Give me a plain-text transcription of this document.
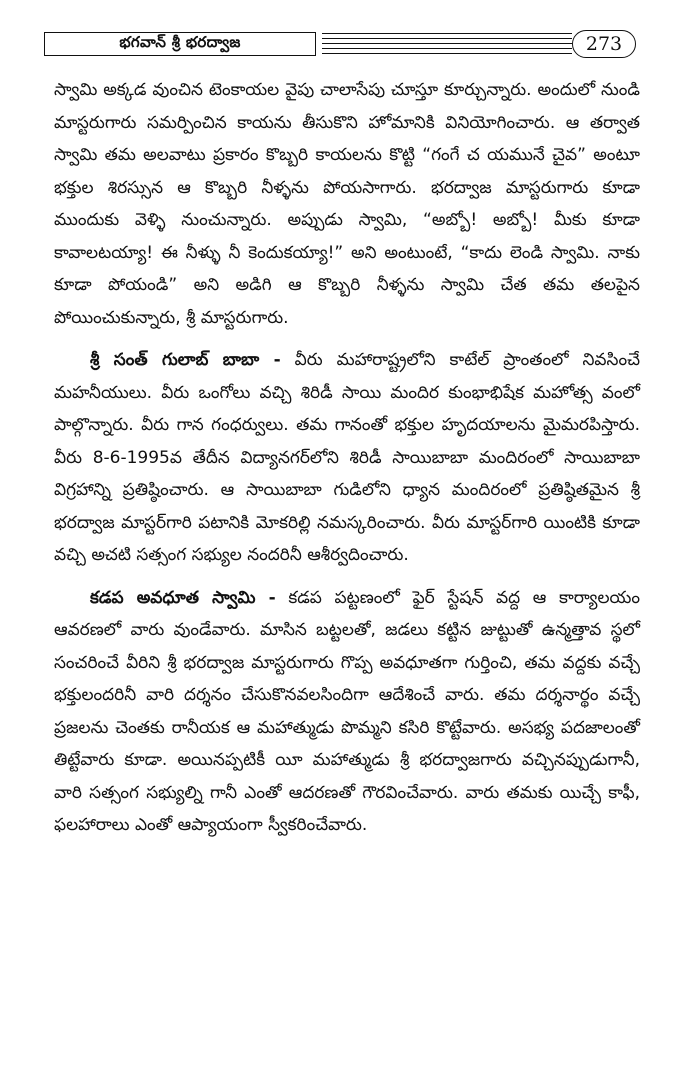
భగవాన్ శ్రీ భరద్వాజ	273

స్వామి అక్కడ వుంచిన టెంకాయల వైపు చాలాసేపు చూస్తూ కూర్చున్నారు. అందులో నుండి మాస్టరుగారు సమర్పించిన కాయను తీసుకొని హోమానికి వినియోగించారు. ఆ తర్వాత స్వామి తమ అలవాటు ప్రకారం కొబ్బరి కాయలను కొట్టి “గంగే చ యమునే చైవ” అంటూ భక్తుల శిరస్సున ఆ కొబ్బరి నీళ్ళను పోయసాగారు. భరద్వాజ మాస్టరుగారు కూడా ముందుకు వెళ్ళి నుంచున్నారు. అప్పుడు స్వామి, “అబ్బో! అబ్బో! మీకు కూడా కావాలటయ్యా! ఈ నీళ్ళు నీ కెందుకయ్యా!” అని అంటుంటే, “కాదు లెండి స్వామి. నాకు కూడా పోయండి” అని అడిగి ఆ కొబ్బరి నీళ్ళను స్వామి చేత తమ తలపైన పోయించుకున్నారు, శ్రీ మాస్టరుగారు.

శ్రీ సంత్ గులాబ్ బాబా - వీరు మహారాష్ట్రలోని కాటేల్ ప్రాంతంలో నివసించే మహనీయులు. వీరు ఒంగోలు వచ్చి శిరిడీ సాయి మందిర కుంభాభిషేక మహోత్స వంలో పాల్గొన్నారు. వీరు గాన గంధర్వులు. తమ గానంతో భక్తుల హృదయాలను మైమరపిస్తారు. వీరు 8-6-1995వ తేదీన విద్యానగర్‌లోని శిరిడీ సాయిబాబా మందిరంలో సాయిబాబా విగ్రహాన్ని ప్రతిష్ఠించారు. ఆ సాయిబాబా గుడిలోని ధ్యాన మందిరంలో ప్రతిష్ఠితమైన శ్రీ భరద్వాజ మాస్టర్‌గారి పటానికి మోకరిల్లి నమస్కరించారు. వీరు మాస్టర్‌గారి యింటికి కూడా వచ్చి అచటి సత్సంగ సభ్యుల నందరినీ ఆశీర్వదించారు.

కడప అవధూత స్వామి - కడప పట్టణంలో ఫైర్ స్టేషన్ వద్ద ఆ కార్యాలయం ఆవరణలో వారు వుండేవారు. మాసిన బట్టలతో, జడలు కట్టిన జుట్టుతో ఉన్మత్తావ స్థలో సంచరించే వీరిని శ్రీ భరద్వాజ మాస్టరుగారు గొప్ప అవధూతగా గుర్తించి, తమ వద్దకు వచ్చే భక్తులందరినీ వారి దర్శనం చేసుకొనవలసిందిగా ఆదేశించే వారు. తమ దర్శనార్థం వచ్చే ప్రజలను చెంతకు రానీయక ఆ మహాత్ముడు పొమ్మని కసిరి కొట్టేవారు. అసభ్య పదజాలంతో తిట్టేవారు కూడా. అయినప్పటికీ యీ మహాత్ముడు శ్రీ భరద్వాజగారు వచ్చినప్పుడుగానీ, వారి సత్సంగ సభ్యుల్ని గానీ ఎంతో ఆదరణతో గౌరవించేవారు. వారు తమకు యిచ్చే కాఫీ, ఫలహారాలు ఎంతో ఆప్యాయంగా స్వీకరించేవారు.
